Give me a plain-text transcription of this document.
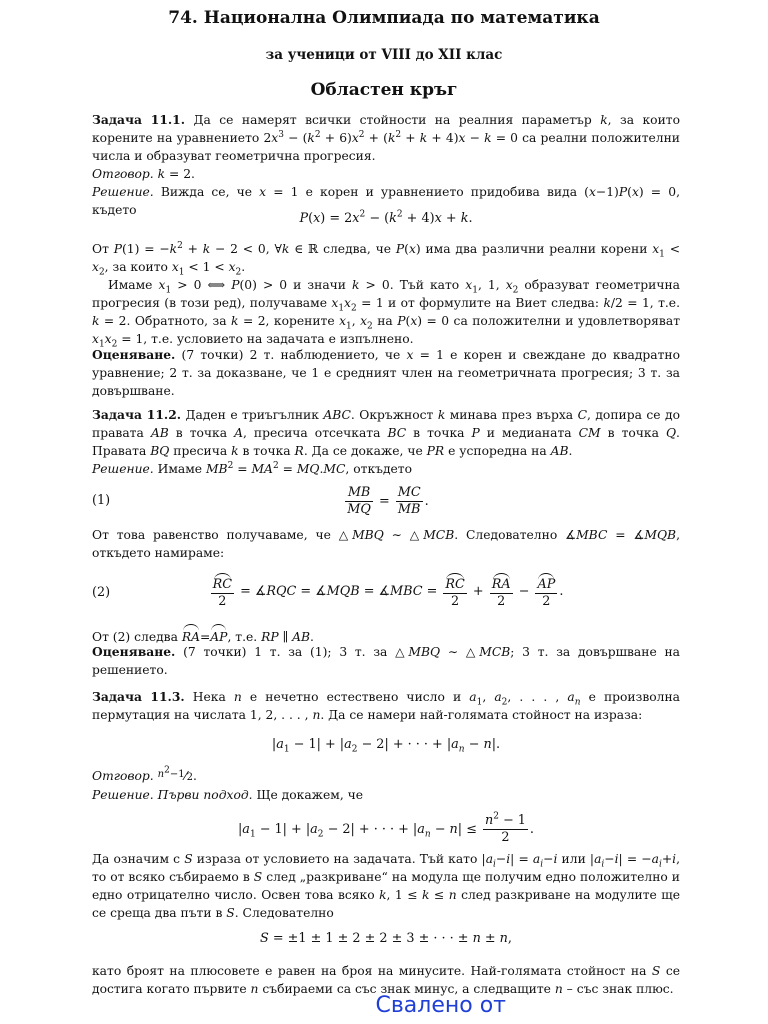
74. Национална Олимпиада по математика
за ученици от VIII до XII клас
Областен кръг
Задача 11.1. Да се намерят всички стойности на реалния параметър k, за които корените на уравнението $2x^3 - (k^2 + 6)x^2 + (k^2 + k + 4)x - k = 0$ са реални положителни числа и образуват геометрична прогресия.
Отговор. k = 2.
Решение. Вижда се, че x = 1 е корен и уравнението придобива вида (x−1)P(x) = 0, където
$P(x) = 2x^2 - (k^2 + 4)x + k$.
От $P(1) = -k^2 + k - 2 < 0$, ∀k ∈ ℝ следва, че P(x) има два различни реални корени $x_1 < x_2$, за които $x_1 < 1 < x_2$.
Имаме $x_1 > 0$ ⟺ P(0) > 0 и значи k > 0. Тъй като $x_1$, 1, $x_2$ образуват геометрична прогресия (в този ред), получаваме $x_1x_2 = 1$ и от формулите на Виет следва: k/2 = 1, т.е. k = 2. Обратното, за k = 2, корените $x_1$, $x_2$ на P(x) = 0 са положителни и удовлетворяват $x_1x_2 = 1$, т.е. условието на задачата е изпълнено.
Оценяване. (7 точки) 2 т. наблюдението, че x = 1 е корен и свеждане до квадратно уравнение; 2 т. за доказване, че 1 е средният член на геометричната прогресия; 3 т. за довършване.
Задача 11.2. Даден е триъгълник ABC. Окръжност k минава през върха C, допира се до правата AB в точка A, пресича отсечката BC в точка P и медианата CM в точка Q. Правата BQ пресича k в точка R. Да се докаже, че PR е успоредна на AB.
Решение. Имаме $MB^2 = MA^2 = MQ.MC$, откъдето
(1)	$\frac{MB}{MQ} = \frac{MC}{MB}$ .
От това равенство получаваме, че △MBQ ∼ △MCB. Следователно ∡MBC = ∡MQB, откъдето намираме:
(2)	$\frac{RC}{2}$ = ∡RQC = ∡MQB = ∡MBC = $\frac{RC}{2} + \frac{RA}{2} - \frac{AP}{2}$ .
От (2) следва RA=AP, т.е. RP ∥ AB.
Оценяване. (7 точки) 1 т. за (1); 3 т. за △MBQ ∼ △MCB; 3 т. за довършване на решението.
Задача 11.3. Нека n е нечетно естествено число и $a_1$, $a_2$, . . . , $a_n$ е произволна пермутация на числата 1, 2, . . . , n. Да се намери най-голямата стойност на израза:
$|a_1 - 1| + |a_2 - 2|$ + · · · + $|a_n - n|$.
Отговор. $^{n^2-1}$⁄2.
Решение. Първи подход. Ще докажем, че
$|a_1 - 1| + |a_2 - 2|$ + · · · + $|a_n - n| \le \frac{n^2 - 1}{2}$ .
Да означим с S израза от условието на задачата. Тъй като $|a_i-i| = a_i-i$ или $|a_i-i| = -a_i+i$, то от всяко събираемо в S след „разкриване“ на модула ще получим едно положително и едно отрицателно число. Освен това всяко k, 1 ≤ k ≤ n след разкриване на модулите ще се среща два пъти в S. Следователно
S = ±1 ± 1 ± 2 ± 2 ± 3 ± · · · ± n ± n,
като броят на плюсовете е равен на броя на минусите. Най-голямата стойност на S се достига когато първите n събираеми са със знак минус, а следващите n – със знак плюс.
Свалено от
